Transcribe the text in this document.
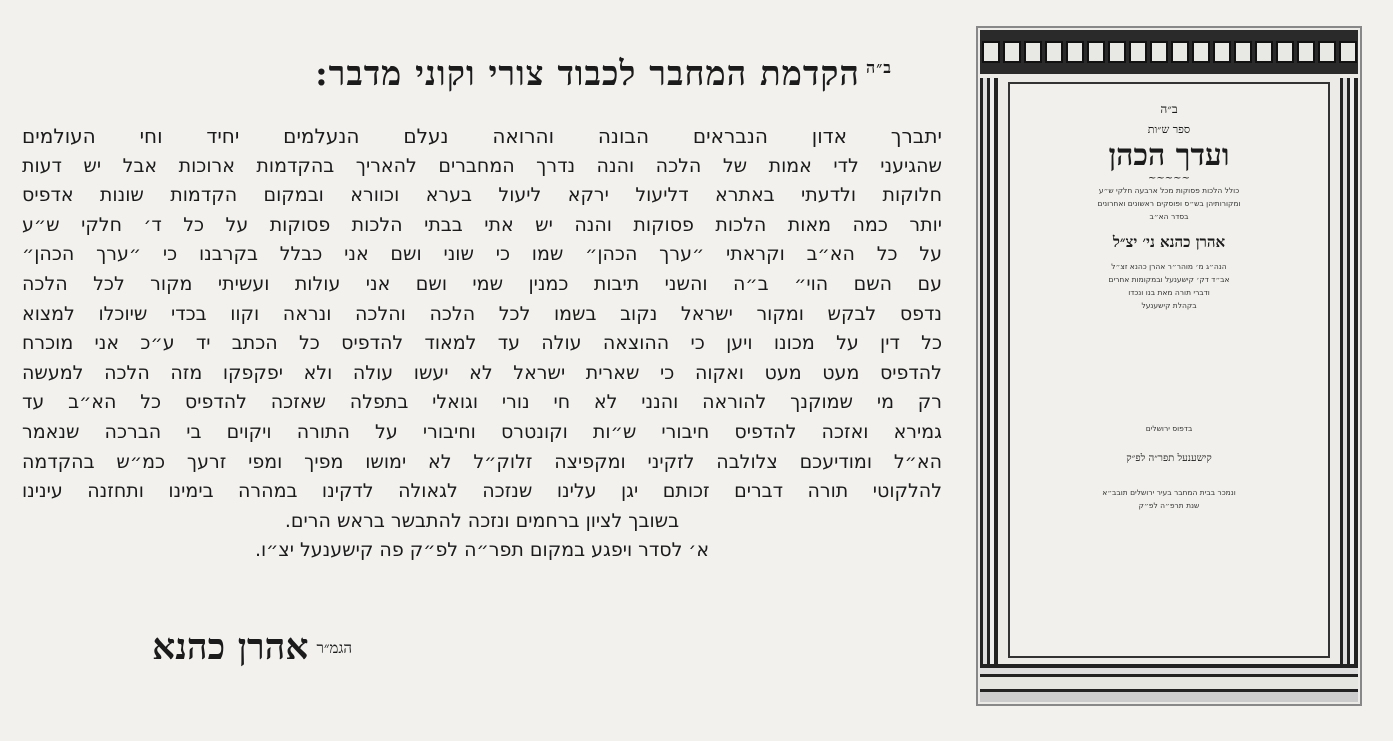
$^{ב״ה}$הקדמת המחבר לכבוד צורי וקוני מדבר:
יתברך אדון הנבראים הבונה והרואה נעלם הנעלמים יחיד וחי העולמים
שהגיעני לדי אמות של הלכה והנה נדרך המחברים להאריך בהקדמות ארוכות אבל יש דעות
חלוקות ולדעתי באתרא דליעול ירקא ליעול בערא וכוורא ובמקום הקדמות שונות אדפיס
יותר כמה מאות הלכות פסוקות והנה יש אתי בבתי הלכות פסוקות על כל ד׳ חלקי ש״ע
על כל הא״ב וקראתי ״ערך הכהן״ שמו כי שוני ושם אני כבלל בקרבנו כי ״ערך הכהן״
עם השם הוי״ ב״ה והשני תיבות כמנין שמי ושם אני עולות ועשיתי מקור לכל הלכה
נדפס לבקש ומקור ישראל נקוב בשמו לכל הלכה והלכה ונראה וקוו בכדי שיוכלו למצוא
כל דין על מכונו ויען כי ההוצאה עולה עד למאוד להדפיס כל הכתב יד ע״כ אני מוכרח
להדפיס מעט מעט ואקוה כי שארית ישראל לא יעשו עולה ולא יפקפקו מזה הלכה למעשה
רק מי שמוקנך להוראה והנני לא חי נורי וגואלי בתפלה שאזכה להדפיס כל הא״ב עד
גמירא ואזכה להדפיס חיבורי ש״ות וקונטרס וחיבורי על התורה ויקוים בי הברכה שנאמר
הא״ל ומודיעכם צלולבה לזקיני ומקפיצה זלוק״ל לא ימושו מפיך ומפי זרעך כמ״ש בהקדמה
להלקוטי תורה דברים זכותם יגן עלינו שנזכה לגאולה לדקינו במהרה בימינו ותחזנה עינינו
בשובך לציון ברחמים ונזכה להתבשר בראש הרים.
א׳ לסדר ויפגע במקום תפר״ה לפ״ק פה קישענעל יצ״ו.
הגמ״ראהרן כהנא
ב״ה
ספר ש״ות
ועדך הכהן
~~~~~
כולל הלכות פסוקות מכל ארבעה חלקי ש״ע
ומקורותיהן בש״ס ופוסקים ראשונים ואחרונים
בסדר הא״ב
אהרן כהנא ני׳ יצ״ל
הנה״ג מ׳ מוהר״ר אהרן כהנא זצ״ל
אב״ד דק׳ קישענעל ובמקומות אחרים
ודברי תורה מאת בנו ונכדו
בקהלת קישענעל
בדפוס ירושלים
קישענעל תפר״ה לפ״ק
ונמכר בבית המחבר בעיר ירושלים תובב״א
שנת תרפ״ה לפ״ק
